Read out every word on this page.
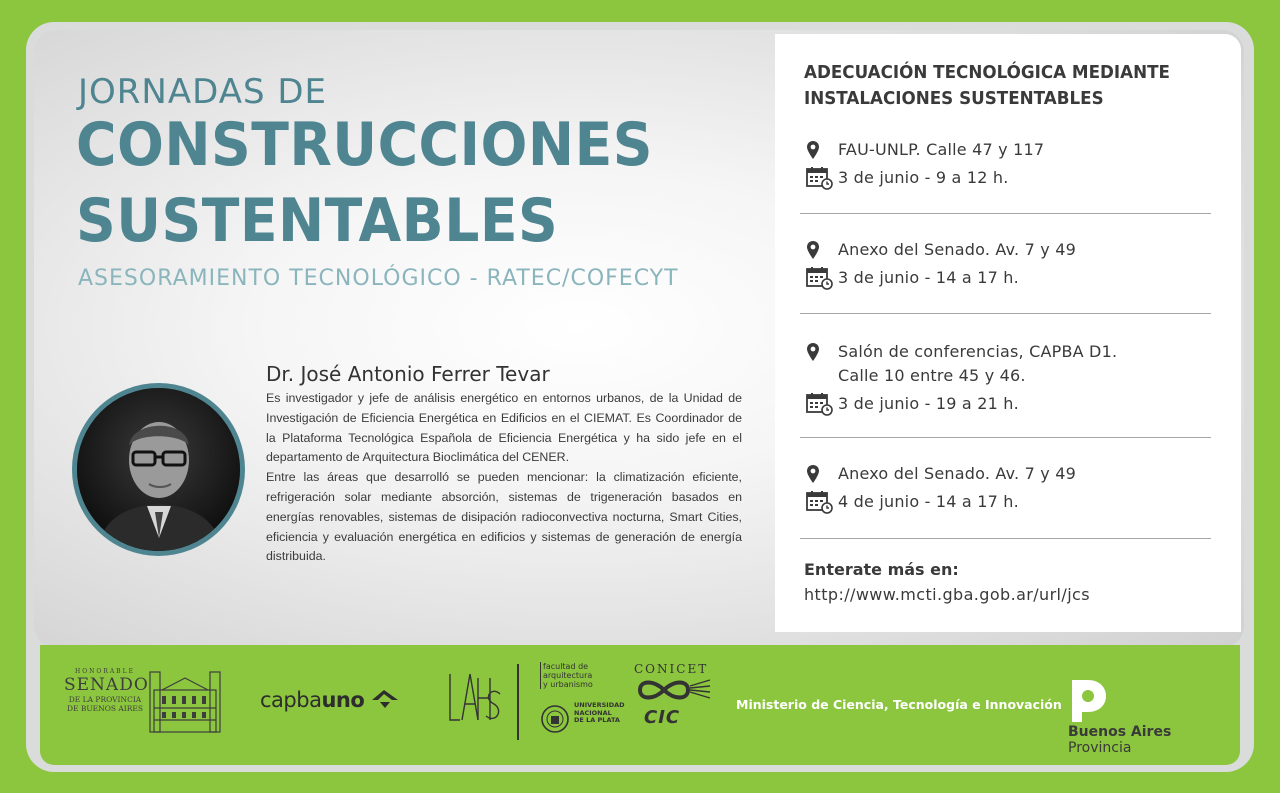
JORNADAS DE
CONSTRUCCIONES
SUSTENTABLES
ASESORAMIENTO TECNOLÓGICO - RATEC/COFECYT
Dr. José Antonio Ferrer Tevar

Es investigador y jefe de análisis energético en entornos urbanos, de la Unidad de Investigación de Eficiencia Energética en Edificios en el CIEMAT. Es Coordinador de la Plataforma Tecnológica Española de Eficiencia Energética y ha sido jefe en el departamento de Arquitectura Bioclimática del CENER.

Entre las áreas que desarrolló se pueden mencionar: la climatización eficiente, refrigeración solar mediante absorción, sistemas de trigeneración basados en energías renovables, sistemas de disipación radioconvectiva nocturna, Smart Cities, eficiencia y evaluación energética en edificios y sistemas de generación de energía distribuida.

ADECUACIÓN TECNOLÓGICA MEDIANTE
INSTALACIONES SUSTENTABLES
FAU-UNLP. Calle 47 y 117
3 de junio - 9 a 12 h.
Anexo del Senado. Av. 7 y 49
3 de junio - 14 a 17 h.
Salón de conferencias, CAPBA D1.
Calle 10 entre 45 y 46.
3 de junio - 19 a 21 h.
Anexo del Senado. Av. 7 y 49
4 de junio - 14 a 17 h.
Enterate más en:
http://www.mcti.gba.gob.ar/url/jcs
HONORABLE
SENADO
DE LA PROVINCIA
DE BUENOS AIRES	capbauno
facultad de
arquitectura
y urbanismo
UNIVERSIDAD
NACIONAL
DE LA PLATA
CONICET
CIC
Ministerio de Ciencia, Tecnología e Innovación
Buenos Aires
Provincia
